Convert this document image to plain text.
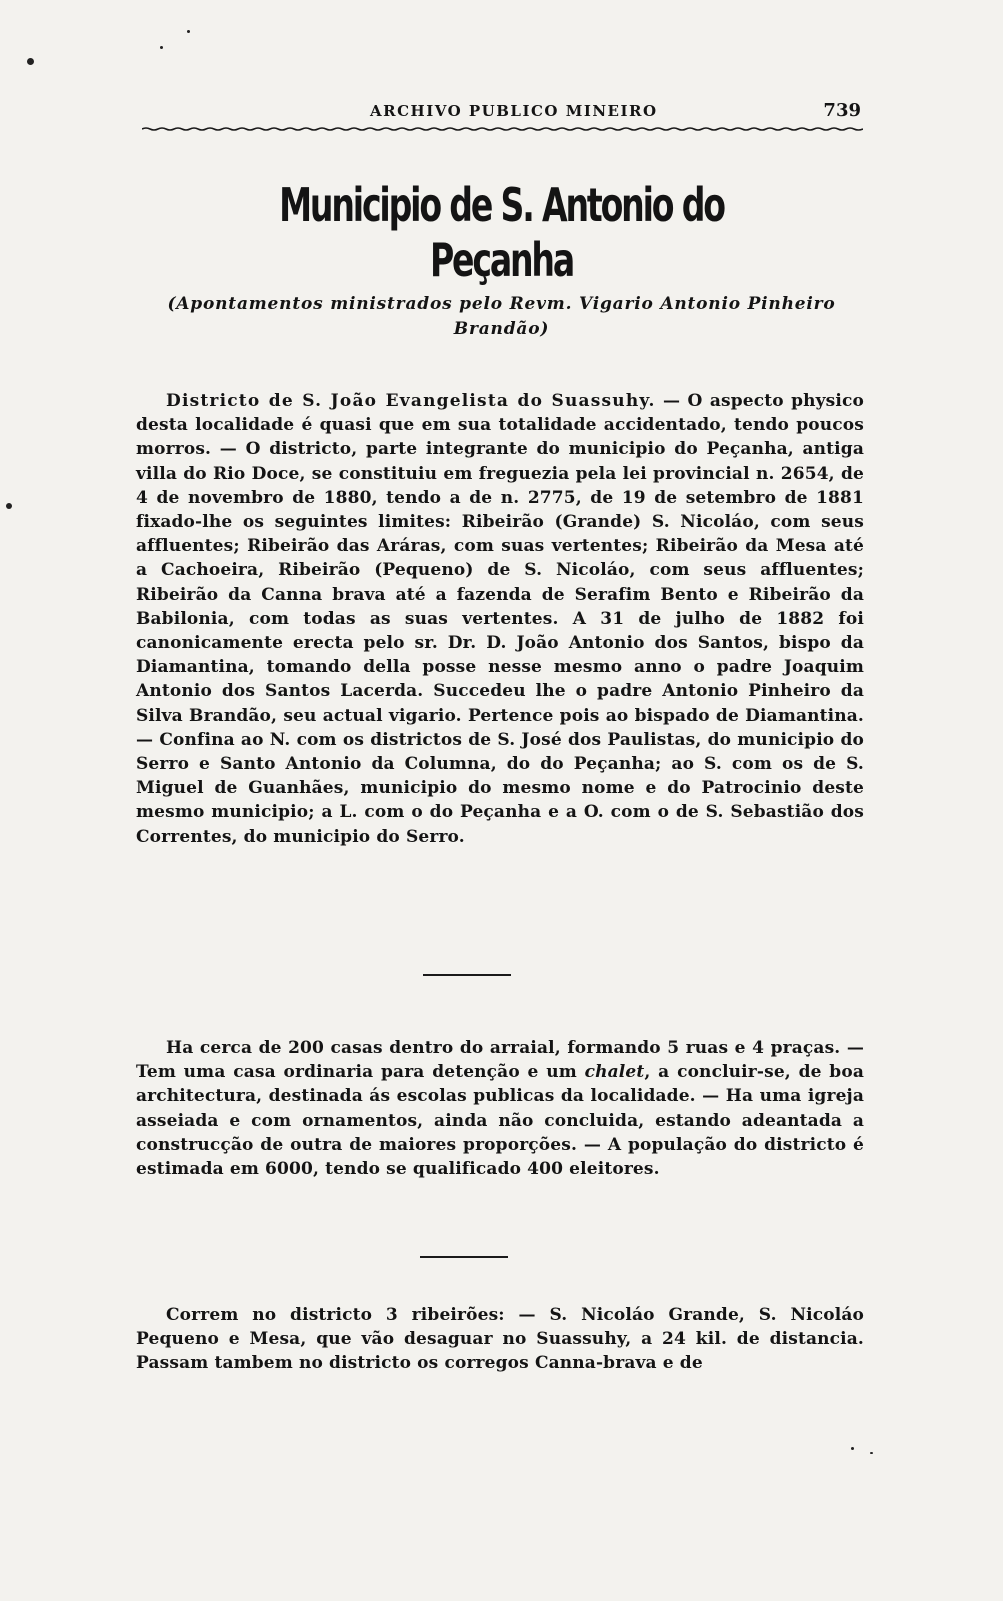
ARCHIVO PUBLICO MINEIRO	739
Municipio de S. Antonio do Peçanha
(Apontamentos ministrados pelo Revm. Vigario Antonio Pinheiro
Brandão)
Districto de S. João Evangelista do Suassuhy. — O aspecto physico desta localidade é quasi que em sua totalidade accidentado, tendo poucos morros. — O districto, parte integrante do municipio do Peçanha, antiga villa do Rio Doce, se constituiu em freguezia pela lei provincial n. 2654, de 4 de novembro de 1880, tendo a de n. 2775, de 19 de setembro de 1881 fixado-lhe os seguintes limites: Ribeirão (Grande) S. Nicoláo, com seus affluentes; Ribeirão das Aráras, com suas vertentes; Ribeirão da Mesa até a Cachoeira, Ribeirão (Pequeno) de S. Nicoláo, com seus affluentes; Ribeirão da Canna brava até a fazenda de Serafim Bento e Ribeirão da Babilonia, com todas as suas vertentes. A 31 de julho de 1882 foi canonicamente erecta pelo sr. Dr. D. João Antonio dos Santos, bispo da Diamantina, tomando della posse nesse mesmo anno o padre Joaquim Antonio dos Santos Lacerda. Succedeu lhe o padre Antonio Pinheiro da Silva Brandão, seu actual vigario. Pertence pois ao bispado de Diamantina. — Confina ao N. com os districtos de S. José dos Paulistas, do municipio do Serro e Santo Antonio da Columna, do do Peçanha; ao S. com os de S. Miguel de Guanhães, municipio do mesmo nome e do Patrocinio deste mesmo municipio; a L. com o do Peçanha e a O. com o de S. Sebastião dos Correntes, do municipio do Serro.
Ha cerca de 200 casas dentro do arraial, formando 5 ruas e 4 praças. — Tem uma casa ordinaria para detenção e um chalet, a concluir-se, de boa architectura, destinada ás escolas publicas da localidade. — Ha uma igreja asseiada e com ornamentos, ainda não concluida, estando adeantada a construcção de outra de maiores proporções. — A população do districto é estimada em 6000, tendo se qualificado 400 eleitores.
Correm no districto 3 ribeirões: — S. Nicoláo Grande, S. Nicoláo Pequeno e Mesa, que vão desaguar no Suassuhy, a 24 kil. de distancia. Passam tambem no districto os corregos Canna-brava e de
